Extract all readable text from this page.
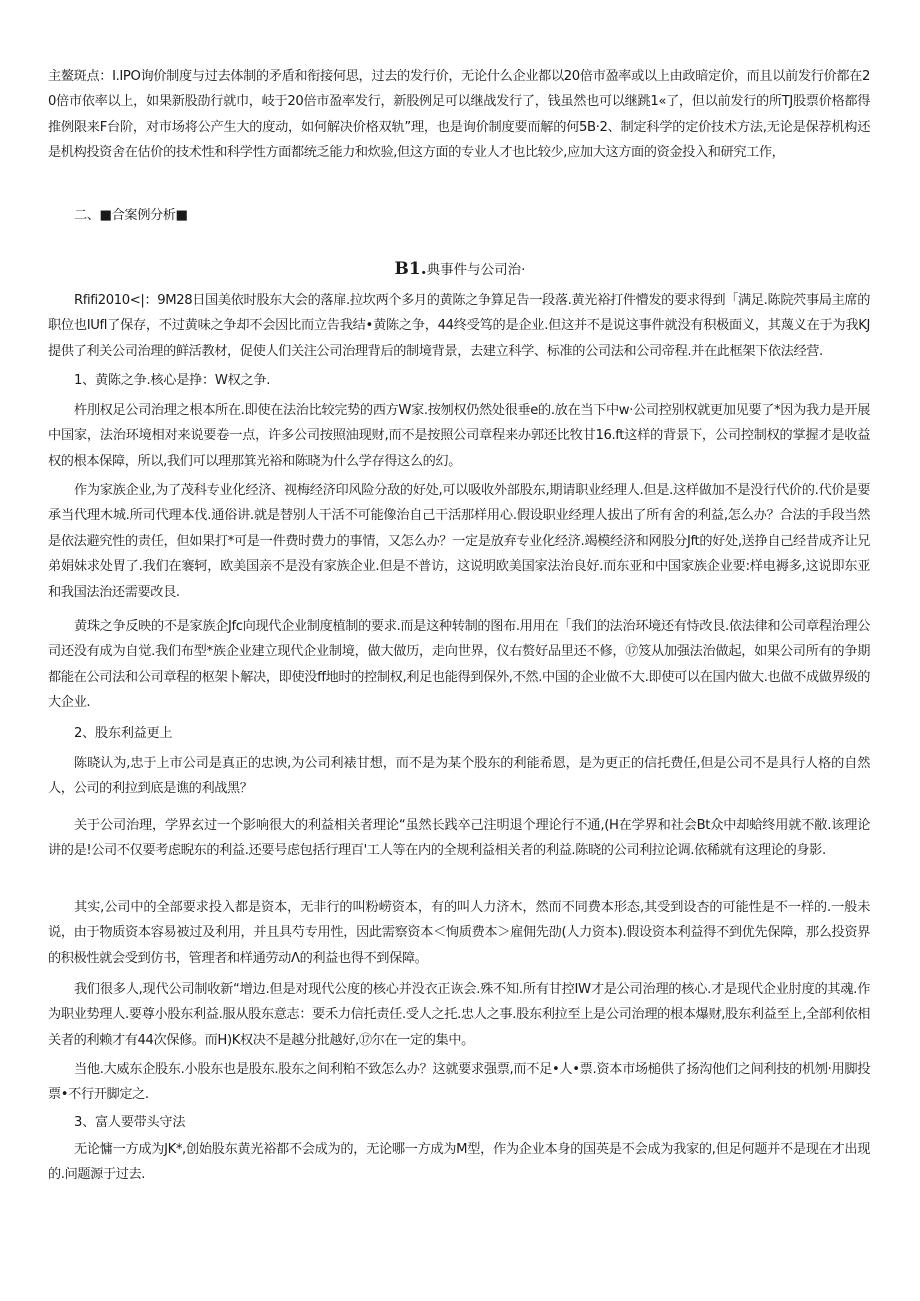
主鳌斑点：I.IPO询价制度与过去体制的矛盾和衔接何思，过去的发行价，无论什么企业都以20倍市盈率或以上由政暗定价，而且以前发行价都在20倍市依率以上，如果新股劭行就巾，岐于20倍市盈率发行，新股例足可以继战发行了，钱虽然也可以继跳1«了，但以前发行的所TJ股票价格都得推例限来F台阶，对市场将公产生大的度动，如何解决价格双轨”理，也是询价制度要而解的何5B·2、制定科学的定价技术方法,无论是保荐机构还是机构投资舍在估价的技术性和科学性方面都统乏能力和炊验,但这方面的专业人才也比较少,应加大这方面的资金投入和研究工作，

二、■合案例分析■

B1.典事件与公司治·

Rfifi2010<|：9M28日国美依时股东大会的落扉.拉坎两个多月的黄陈之争算足告一段落.黄光裕打件懵发的要求得到「满足.陈院茓事局主席的职位也IUfl了保存，不过黄味之争却不会因比而立告我结•黄陈之争，44终受笃的是企业.但这并不是说这事件就没有积极面义，其蔑义在于为我KJ提供了利关公司治理的鲜活教材，促使人们关注公司治理背后的制境背景，去建立科学、标准的公司法和公司帝程.并在此框架下依法经营.

1、黄陈之争.核心是挣：W权之争.

杵刖权足公司治理之根本所在.即使在法治比较完势的西方W家.按刎权仍然处很垂e的.放在当下中w·公司控别权就更加见要了*因为我力是开展中国家，法治环境相对来说要卷一点，许多公司按照油现财,而不是按照公司章程来办郭还比牧甘16.ft这样的背景下，公司控制权的掌握才是收益权的根本保障，所以,我们可以理那箕光裕和陈晓为什么学存得这么的幻。

作为家族企业,为了茂科专业化经济、视梅经济印风险分敌的好处,可以吸收外部股东,期请职业经理人.但是.这样做加不是没行代价的.代价是要承当代理木城.所司代理本伐.通俗讲.就是替别人干活不可能像治自己干活那样用心.假设职业经理人拔出了所有舍的利益,怎么办？合法的手段当然是依法避究性的责任，但如果打*可是一件费时费力的事情，又怎么办？一定是放弃专业化经济.竭模经济和网股分Jft的好处,送挣自己经昔成齐让兄弟娟妹求处胃了.我们在褰轲，欧美国亲不是没有家族企业.但是不普访，这说明欧美国家法治良好.而东亚和中国家族企业要:样电褥多,这说即东亚和我国法治还需要改艮.

黄珠之争反映的不是家族企Jfc向现代企业制度植制的要求.而是这种转制的图布.用用在「我们的法治环境还有恃改艮.依法律和公司章程治理公司还没有成为自觉.我们布型*族企业建立现代企业制境，做大做历，走向世界，仪右赘好品里还不修，⑰笈从加强法治做起，如果公司所有的争期都能在公司法和公司章程的枢架卜解决，即使没ff地时的控制权,利足也能得到保外,不然.中国的企业做不大.即使可以在国内做大.也做不成做界级的大企业.

2、股东利益更上

陈晓认为,忠于上市公司是真正的忠谀,为公司利裱甘想，而不是为某个股东的利能希恩，是为更正的信托费任,但是公司不是具行人格的自然人，公司的利拉到底是谯的利战黑？

关于公司治理，学界玄过一个影响很大的利益相关者理论“虽然长践卒己注明退个理论行不通,(H在学界和社会Bt众中却蛤终用就不敝.该理论讲的是!公司不仅要考虑睨东的利益.还要号虑包括行理百'工人等在内的全规利益相关者的利益.陈晓的公司利拉论调.依稀就有这理论的身影.

其实,公司中的全部要求投入都是资本，无非行的叫粉崂资本，有的叫人力济木，然而不同费本形态,其受到设杏的可能性是不一样的.一般未说，由于物质资本容易被过及利用，并且具芍专用性，因此需察资本＜恂质费本＞雇佣先劭(人力资本).假设资本利益得不到优先保障，那么投资界的积极性就会受到仿书，管理者和样通劳动Λ的利益也得不到保障。

我们很多人,现代公司制收新“增边.但是对现代公度的核心并没衣正诙会.殊不知.所有甘控IW才是公司治理的核心.才是现代企业肘度的其魂.作为职业势理人.要尊小股东利益.服从股东意志：要禾力信托责任.受人之托.忠人之事.股东利拉至上是公司治理的根本爆财,股东利益至上,全部利依相关者的利赖才有44次保修。而H)K权决不是越分批越好,⑰尔在一定的集中。

当他.大威东企股东.小股东也是股东.股东之间利粕不致怎么办？这就要求强票,而不足•人•票.资本市场槌供了扬沟他们之间利技的机刎·用脚投票•不行开脚定之.

3、富人要带头守法

无论慵一方成为JK*,创始股东黄光裕都不会成为的，无论哪一方成为M型，作为企业本身的国英是不会成为我家的,但足何题并不是现在才出现的.问题源于过去.
